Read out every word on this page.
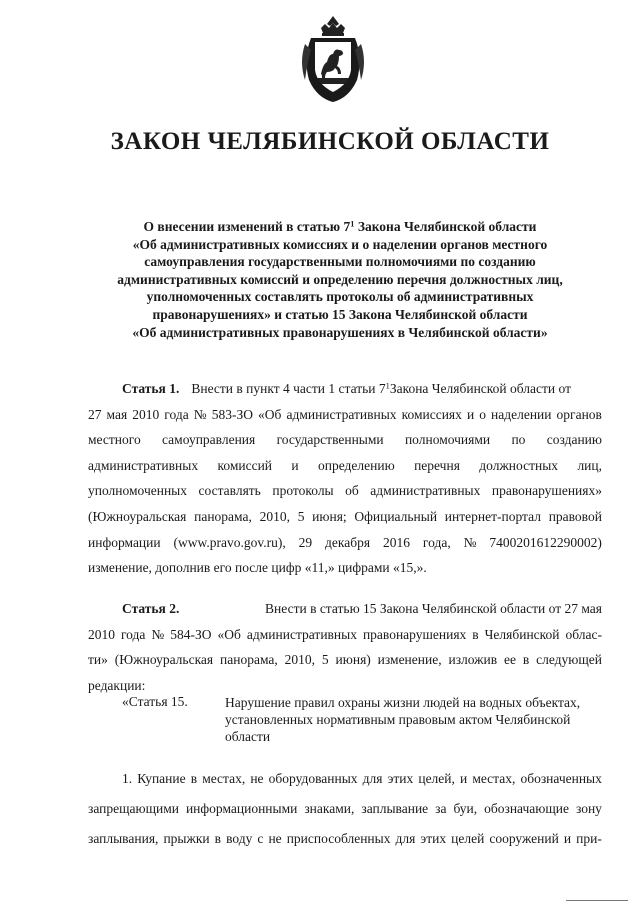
ЗАКОН ЧЕЛЯБИНСКОЙ ОБЛАСТИ
О внесении изменений в статью $7^1$ Закона Челябинской области
«Об административных комиссиях и о наделении органов местного
самоуправления государственными полномочиями по созданию
административных комиссий и определению перечня должностных лиц,
уполномоченных составлять протоколы об административных
правонарушениях» и статью 15 Закона Челябинской области
«Об административных правонарушениях в Челябинской области»
Статья 1. Внести в пункт 4 части 1 статьи $7^1Закона$ Челябинской области от
27 мая 2010 года № 583-ЗО «Об административных комиссиях и о наделении органов
местного самоуправления государственными полномочиями по созданию
административных комиссий и определению перечня должностных лиц,
уполномоченных составлять протоколы об административных правонарушениях»
(Южноуральская панорама, 2010, 5 июня; Официальный интернет-портал правовой
информации (www.pravo.gov.ru), 29 декабря 2016 года, № 7400201612290002)
изменение, дополнив его после цифр «11,» цифрами «15,».
Статья 2.	Внести в статью 15 Закона Челябинской области от 27 мая
2010 года № 584-ЗО «Об административных правонарушениях в Челябинской облас-
ти» (Южноуральская панорама, 2010, 5 июня) изменение, изложив ее в следующей
редакции:
«Статья 15.	Нарушение правил охраны жизни людей на водных объектах,
установленных нормативным правовым актом Челябинской
области
1. Купание в местах, не оборудованных для этих целей, и местах, обозначенных
запрещающими информационными знаками, заплывание за буи, обозначающие зону
заплывания, прыжки в воду с не приспособленных для этих целей сооружений и при-
